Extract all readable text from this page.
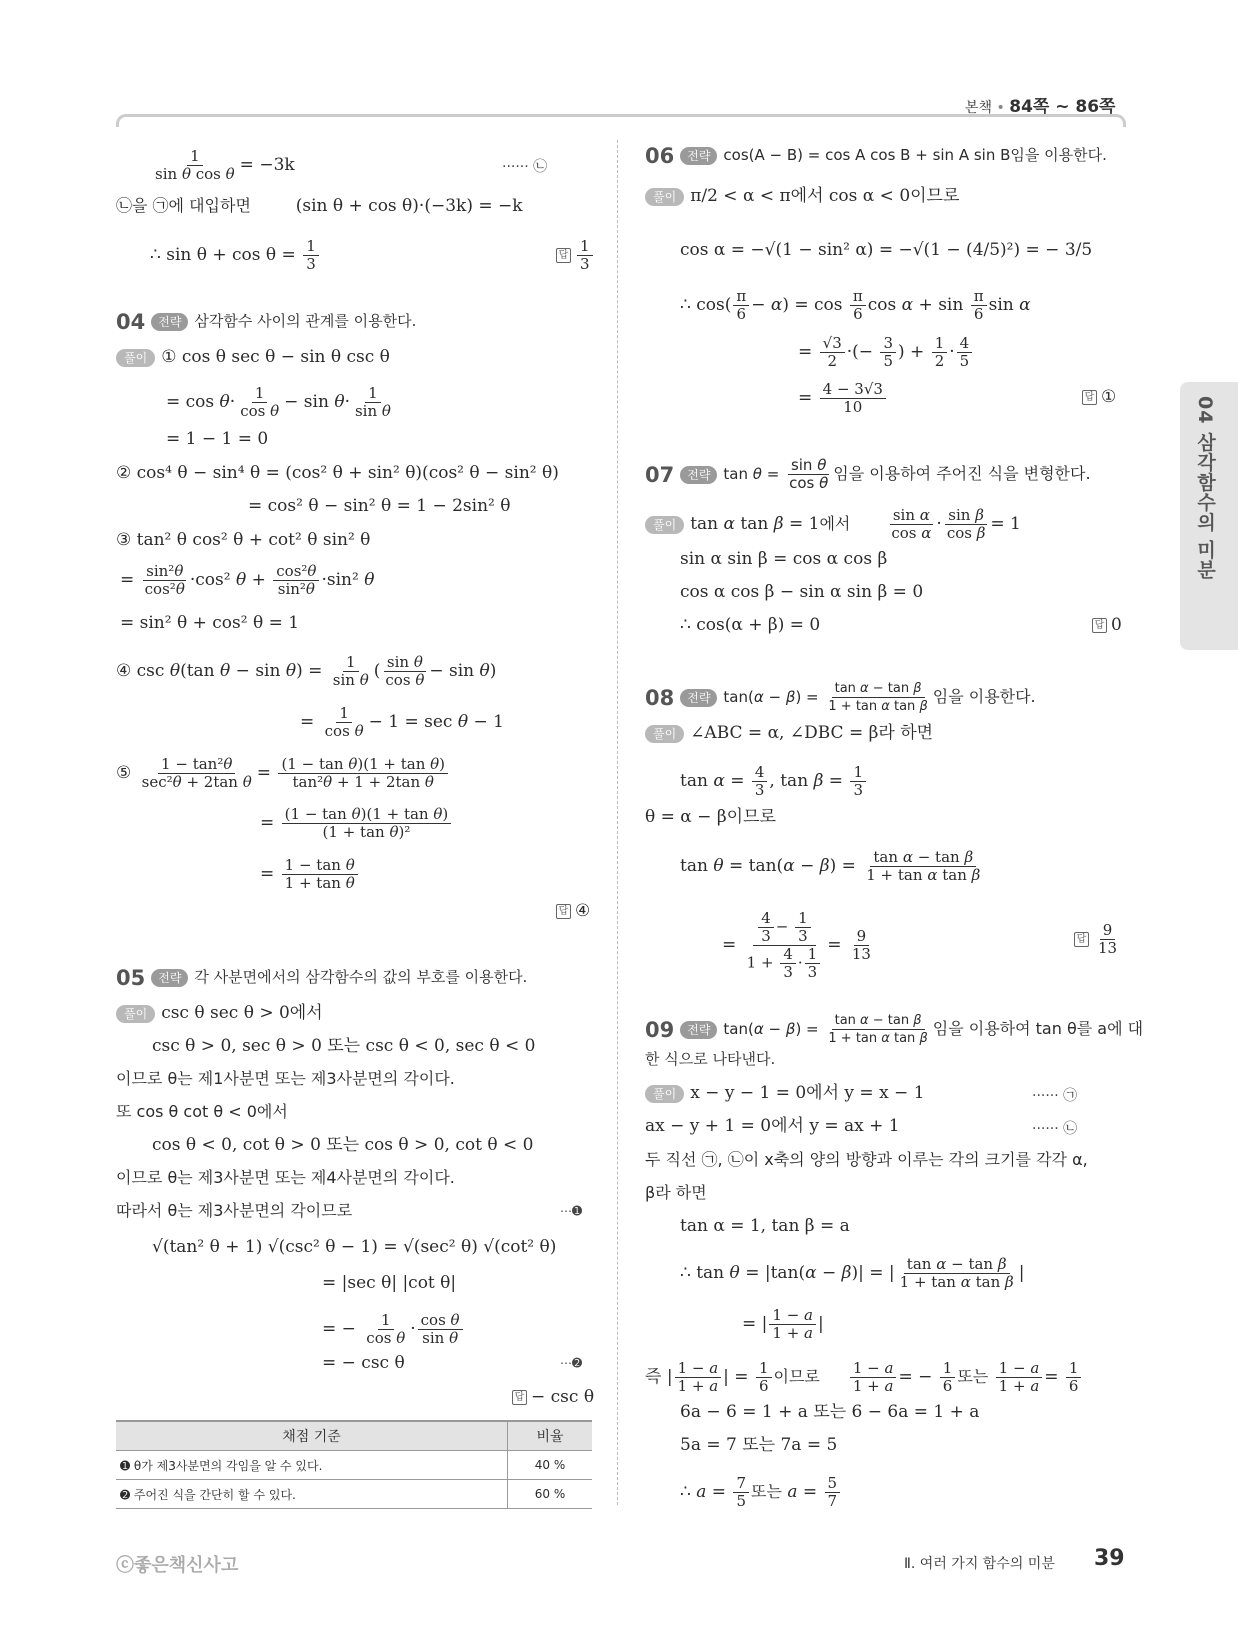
본책 • 84쪽 ~ 86쪽
04 삼각함수의 미분
$\frac{1}{\text{sin θ cos θ}} = -3k$	······ ㉡
㉡을 ㉠에 대입하면	(sin θ + cos θ)·(−3k) = −k
∴ $\sin \theta + \cos \theta = \frac{1}{3}$	답 $\frac{1}{3}$
04 전략 삼각함수 사이의 관계를 이용한다.
풀이 ① cos θ sec θ − sin θ csc θ
= $\cos \theta\cdot \frac{1}{\text{cos θ}} - \sin \theta\cdot \frac{1}{\text{sin θ}}$
= 1 − 1 = 0
② cos⁴ θ − sin⁴ θ = (cos² θ + sin² θ)(cos² θ − sin² θ)
= cos² θ − sin² θ = 1 − 2sin² θ
③ tan² θ cos² θ + cot² θ sin² θ
= $\frac{\text{sin²θ}}{\text{cos²θ}} \cdot\cos^2$ $\theta + \frac{\text{cos²θ}}{\text{sin²θ}} \cdot\sin^2$ θ
= sin² θ + cos² θ = 1
④ csc θ(tan $\theta - \sin \theta) = \frac{1}{\text{sin θ}}$ ( $\frac{\text{sin θ}}{\text{cos θ}} - \sin \theta$)
= $\frac{1}{\text{cos θ}} - 1 = \sec \theta - 1$
⑤ $\frac{\text{1 − tan²θ}}{\text{sec²θ + 2tan θ}} = \frac{\text{(1 − tan θ)(1 + tan θ)}}{\text{tan²θ + 1 + 2tan θ}}$
= $\frac{\text{(1 − tan θ)(1 + tan θ)}}{\text{(1 + tan θ)²}}$
= $\frac{\text{1 − tan θ}}{\text{1 + tan θ}}$
답 ④
05 전략 각 사분면에서의 삼각함수의 값의 부호를 이용한다.
풀이 csc θ sec θ > 0에서
csc θ > 0, sec θ > 0 또는 csc θ < 0, sec θ < 0
이므로 θ는 제1사분면 또는 제3사분면의 각이다.
또 cos θ cot θ < 0에서
cos θ < 0, cot θ > 0 또는 cos θ > 0, cot θ < 0
이므로 θ는 제3사분면 또는 제4사분면의 각이다.
따라서 θ는 제3사분면의 각이므로	⋯➊
√(tan² θ + 1) √(csc² θ − 1) = √(sec² θ) √(cot² θ)
= |sec θ| |cot θ|
= − $\frac{1}{\text{cos θ}} \cdot \frac{\text{cos θ}}{\text{sin θ}}$
= − csc θ	⋯➋
답 − csc θ
채점 기준	비율
➊ θ가 제3사분면의 각임을 알 수 있다.	40 %
➋ 주어진 식을 간단히 할 수 있다.	60 %
06 전략 cos(A − B) = cos A cos B + sin A sin B임을 이용한다.
풀이 π/2 < α < π에서 cos α < 0이므로
cos α = −√(1 − sin² α) = −√(1 − (4/5)²) = − 3/5
∴ $\cos( \frac{\pi}{6} - \alpha) = \cos \frac{\pi}{6}$ $\cos \alpha + \sin \frac{\pi}{6}$ sin α
= $\frac{√3}{2}$ ·(− $\frac{3}{5}$ ) + $\frac{1}{2} \cdot \frac{4}{5}$
= $\frac{4 - 3√3}{10}$	답 ①
07 전략 $\tan \theta = \frac{\text{sin θ}}{\text{cos θ}}$ 임을 이용하여 주어진 식을 변형한다.
풀이 tan α tan β = 1에서	$\frac{\text{sin α}}{\text{cos α}} \cdot \frac{\text{sin β}}{\text{cos β}} = 1$
sin α sin β = cos α cos β
cos α cos β − sin α sin β = 0
∴ cos(α + β) = 0	답 0
08 전략 $\tan(\alpha - \beta) = \frac{\text{tan α − tan β}}{\text{1 + tan α tan β}}$ 임을 이용한다.
풀이 ∠ABC = α, ∠DBC = β라 하면
$\tan \alpha = \frac{4}{3}$ , $\tan \beta = \frac{1}{3}$
θ = α − β이므로
$\tan \theta = \tan(\alpha - \beta) = \frac{\text{tan α − tan β}}{\text{1 + tan α tan β}}$
= $\frac{\frac{4}{3} - \frac{1}{3}}{1 + \frac{4}{3} \cdot \frac{1}{3}} = \frac{9}{13}$	답 $\frac{9}{13}$
09 전략 $\tan(\alpha - \beta) = \frac{\text{tan α − tan β}}{\text{1 + tan α tan β}}$ 임을 이용하여 tan θ를 a에 대
한 식으로 나타낸다.
풀이 x − y − 1 = 0에서 y = x − 1	······ ㉠
ax − y + 1 = 0에서 y = ax + 1	······ ㉡
두 직선 ㉠, ㉡이 x축의 양의 방향과 이루는 각의 크기를 각각 α,
β라 하면
tan α = 1, tan β = a
∴ tan θ = |tan(α − β)| = | $\frac{\text{tan α − tan β}}{\text{1 + tan α tan β}}$ |
= | $\frac{1 - a}{1 + a}$ |
즉 | $\frac{1 - a}{1 + a}$ | = $\frac{1}{6}$ 이므로 $\frac{1 - a}{1 + a}$ = − $\frac{1}{6}$ 또는 $\frac{1 - a}{1 + a} = \frac{1}{6}$
6a − 6 = 1 + a 또는 6 − 6a = 1 + a
5a = 7 또는 7a = 5
∴ $a = \frac{7}{5}$ 또는 $a = \frac{5}{7}$
ⓒ좋은책신사고	Ⅱ. 여러 가지 함수의 미분 39
